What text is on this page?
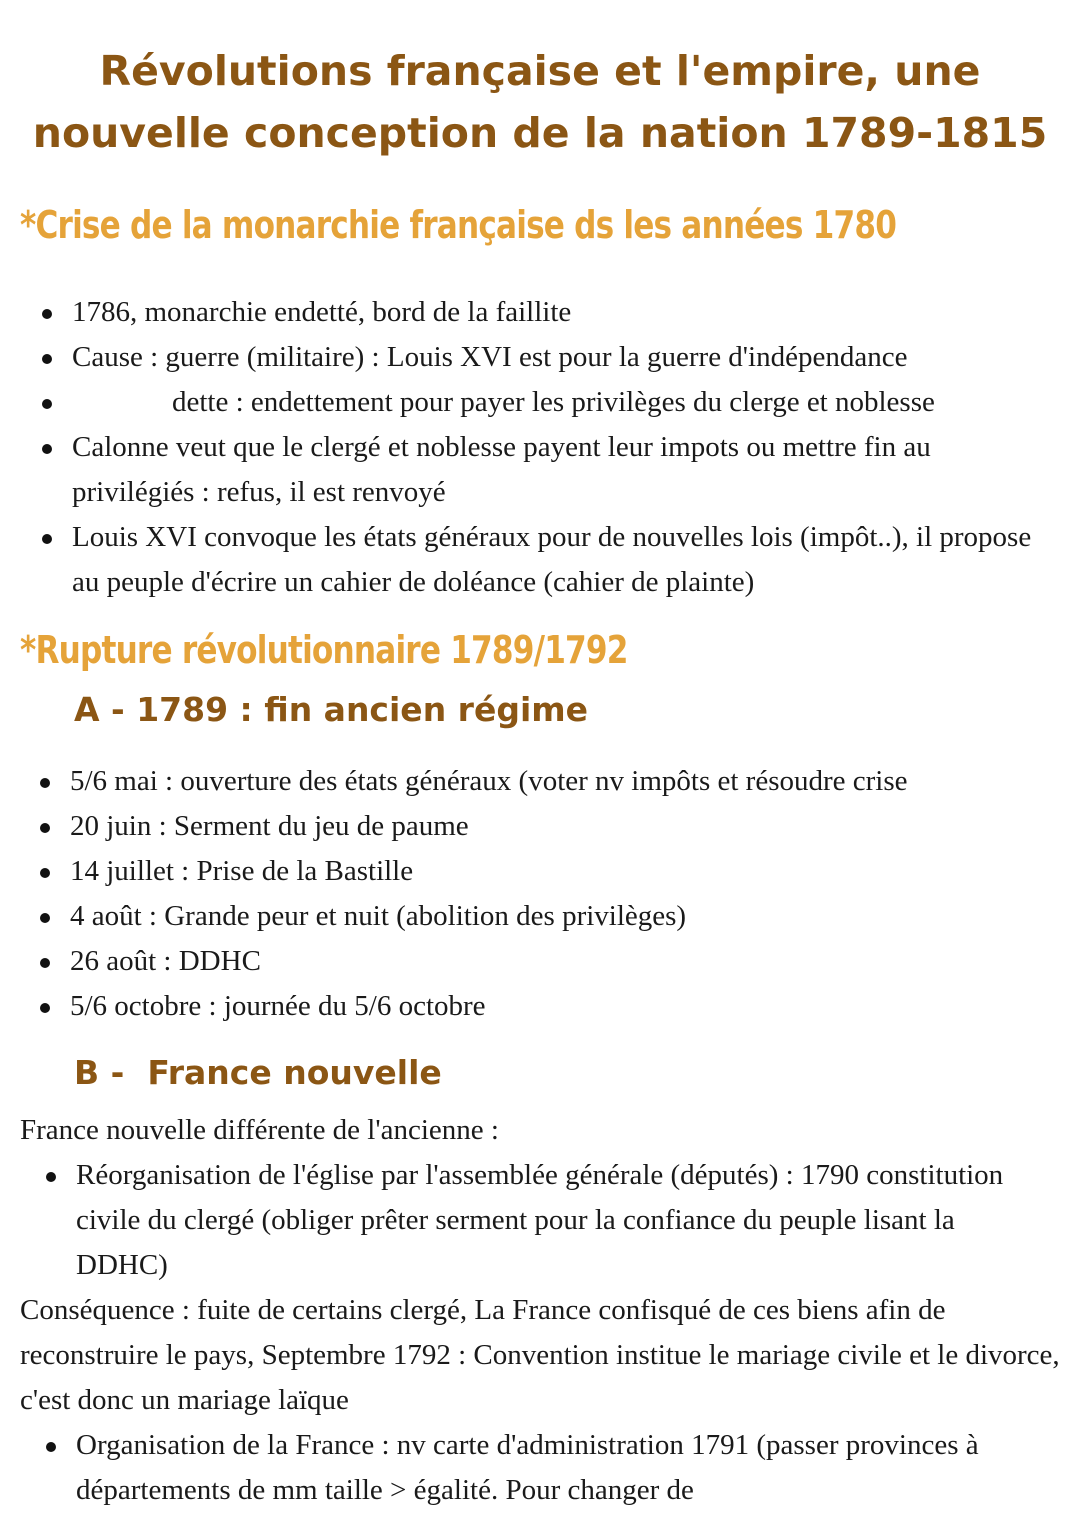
Révolutions française et l'empire, une nouvelle conception de la nation 1789-1815
*Crise de la monarchie française ds les années 1780
1786, monarchie endetté, bord de la faillite
Cause : guerre (militaire) : Louis XVI est pour la guerre d'indépendance
dette : endettement pour payer les privilèges du clerge et noblesse
Calonne veut que le clergé et noblesse payent leur impots ou mettre fin au privilégiés : refus, il est renvoyé
Louis XVI convoque les états généraux pour de nouvelles lois (impôt..), il propose au peuple d'écrire un cahier de doléance (cahier de plainte)
*Rupture révolutionnaire 1789/1792
A - 1789 : fin ancien régime
5/6 mai : ouverture des états généraux (voter nv impôts et résoudre crise
20 juin : Serment du jeu de paume
14 juillet : Prise de la Bastille
4 août : Grande peur et nuit (abolition des privilèges)
26 août : DDHC
5/6 octobre : journée du 5/6 octobre
B -  France nouvelle

France nouvelle différente de l'ancienne :

Réorganisation de l'église par l'assemblée générale (députés) : 1790 constitution civile du clergé (obliger prêter serment pour la confiance du peuple lisant la DDHC)

Conséquence : fuite de certains clergé, La France confisqué de ces biens afin de reconstruire le pays, Septembre 1792 : Convention institue le mariage civile et le divorce, c'est donc un mariage laïque

Organisation de la France : nv carte d'administration 1791 (passer provinces à départements de mm taille > égalité. Pour changer de
